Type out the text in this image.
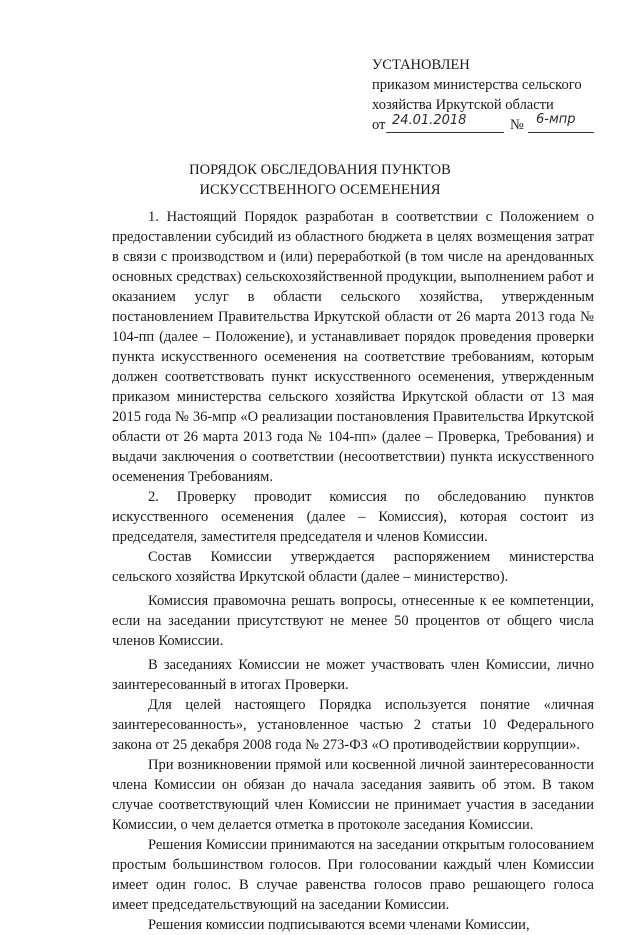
УСТАНОВЛЕН
приказом министерства сельского
хозяйства Иркутской области
от 24.01.2018	№ 6-мпр
ПОРЯДОК ОБСЛЕДОВАНИЯ ПУНКТОВ
ИСКУССТВЕННОГО ОСЕМЕНЕНИЯ

1. Настоящий Порядок разработан в соответствии с Положением о предоставлении субсидий из областного бюджета в целях возмещения затрат в связи с производством и (или) переработкой (в том числе на арендованных основных средствах) сельскохозяйственной продукции, выполнением работ и оказанием услуг в области сельского хозяйства, утвержденным постановлением Правительства Иркутской области от 26 марта 2013 года № 104-пп (далее – Положение), и устанавливает порядок проведения проверки пункта искусственного осеменения на соответствие требованиям, которым должен соответствовать пункт искусственного осеменения, утвержденным приказом министерства сельского хозяйства Иркутской области от 13 мая 2015 года № 36-мпр «О реализации постановления Правительства Иркутской области от 26 марта 2013 года № 104-пп» (далее – Проверка, Требования) и выдачи заключения о соответствии (несоответствии) пункта искусственного осеменения Требованиям.

2. Проверку проводит комиссия по обследованию пунктов искусственного осеменения (далее – Комиссия), которая состоит из председателя, заместителя председателя и членов Комиссии.

Состав Комиссии утверждается распоряжением министерства сельского хозяйства Иркутской области (далее – министерство).

Комиссия правомочна решать вопросы, отнесенные к ее компетенции, если на заседании присутствуют не менее 50 процентов от общего числа членов Комиссии.

В заседаниях Комиссии не может участвовать член Комиссии, лично заинтересованный в итогах Проверки.

Для целей настоящего Порядка используется понятие «личная заинтересованность», установленное частью 2 статьи 10 Федерального закона от 25 декабря 2008 года № 273-ФЗ «О противодействии коррупции».

При возникновении прямой или косвенной личной заинтересованности члена Комиссии он обязан до начала заседания заявить об этом. В таком случае соответствующий член Комиссии не принимает участия в заседании Комиссии, о чем делается отметка в протоколе заседания Комиссии.

Решения Комиссии принимаются на заседании открытым голосованием простым большинством голосов. При голосовании каждый член Комиссии имеет один голос. В случае равенства голосов право решающего голоса имеет председательствующий на заседании Комиссии.

Решения комиссии подписываются всеми членами Комиссии,
